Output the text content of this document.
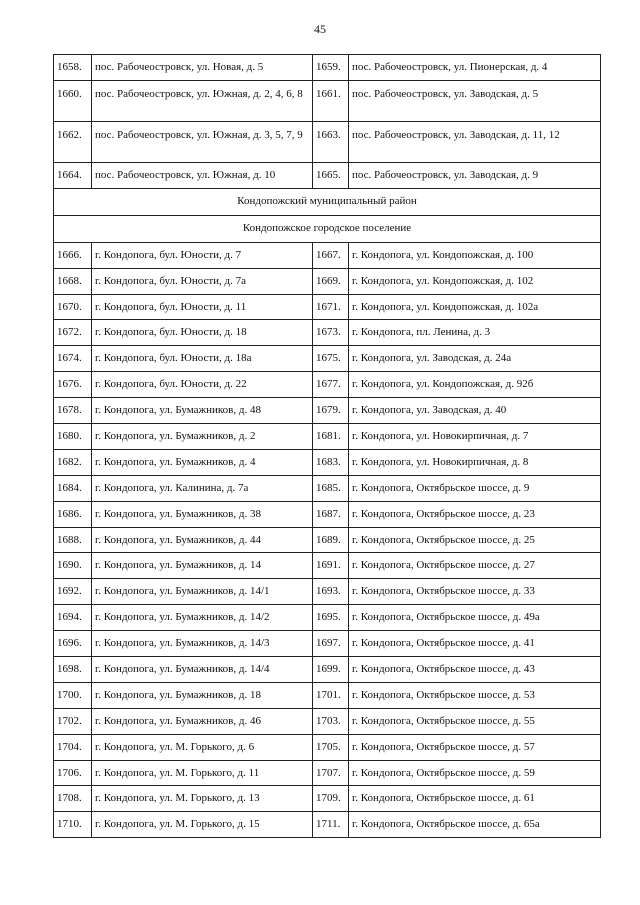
45
1658.	пос. Рабочеостровск, ул. Новая, д. 5	1659.	пос. Рабочеостровск, ул. Пионерская, д. 4
1660.	пос. Рабочеостровск, ул. Южная, д. 2, 4, 6, 8	1661.	пос. Рабочеостровск, ул. Заводская, д. 5
1662.	пос. Рабочеостровск, ул. Южная, д. 3, 5, 7, 9	1663.	пос. Рабочеостровск, ул. Заводская, д. 11, 12
1664.	пос. Рабочеостровск, ул. Южная, д. 10	1665.	пос. Рабочеостровск, ул. Заводская, д. 9
Кондопожский муниципальный район			
Кондопожское городское поселение			
1666.	г. Кондопога, бул. Юности, д. 7	1667.	г. Кондопога, ул. Кондопожская, д. 100
1668.	г. Кондопога, бул. Юности, д. 7а	1669.	г. Кондопога, ул. Кондопожская, д. 102
1670.	г. Кондопога, бул. Юности, д. 11	1671.	г. Кондопога, ул. Кондопожская, д. 102а
1672.	г. Кондопога, бул. Юности, д. 18	1673.	г. Кондопога, пл. Ленина, д. 3
1674.	г. Кондопога, бул. Юности, д. 18а	1675.	г. Кондопога, ул. Заводская, д. 24а
1676.	г. Кондопога, бул. Юности, д. 22	1677.	г. Кондопога, ул. Кондопожская, д. 92б
1678.	г. Кондопога, ул. Бумажников, д. 48	1679.	г. Кондопога, ул. Заводская, д. 40
1680.	г. Кондопога, ул. Бумажников, д. 2	1681.	г. Кондопога, ул. Новокирпичная, д. 7
1682.	г. Кондопога, ул. Бумажников, д. 4	1683.	г. Кондопога, ул. Новокирпичная, д. 8
1684.	г. Кондопога, ул. Калинина, д. 7а	1685.	г. Кондопога, Октябрьское шоссе, д. 9
1686.	г. Кондопога, ул. Бумажников, д. 38	1687.	г. Кондопога, Октябрьское шоссе, д. 23
1688.	г. Кондопога, ул. Бумажников, д. 44	1689.	г. Кондопога, Октябрьское шоссе, д. 25
1690.	г. Кондопога, ул. Бумажников, д. 14	1691.	г. Кондопога, Октябрьское шоссе, д. 27
1692.	г. Кондопога, ул. Бумажников, д. 14/1	1693.	г. Кондопога, Октябрьское шоссе, д. 33
1694.	г. Кондопога, ул. Бумажников, д. 14/2	1695.	г. Кондопога, Октябрьское шоссе, д. 49а
1696.	г. Кондопога, ул. Бумажников, д. 14/3	1697.	г. Кондопога, Октябрьское шоссе, д. 41
1698.	г. Кондопога, ул. Бумажников, д. 14/4	1699.	г. Кондопога, Октябрьское шоссе, д. 43
1700.	г. Кондопога, ул. Бумажников, д. 18	1701.	г. Кондопога, Октябрьское шоссе, д. 53
1702.	г. Кондопога, ул. Бумажников, д. 46	1703.	г. Кондопога, Октябрьское шоссе, д. 55
1704.	г. Кондопога, ул. М. Горького, д. 6	1705.	г. Кондопога, Октябрьское шоссе, д. 57
1706.	г. Кондопога, ул. М. Горького, д. 11	1707.	г. Кондопога, Октябрьское шоссе, д. 59
1708.	г. Кондопога, ул. М. Горького, д. 13	1709.	г. Кондопога, Октябрьское шоссе, д. 61
1710.	г. Кондопога, ул. М. Горького, д. 15	1711.	г. Кондопога, Октябрьское шоссе, д. 65а
